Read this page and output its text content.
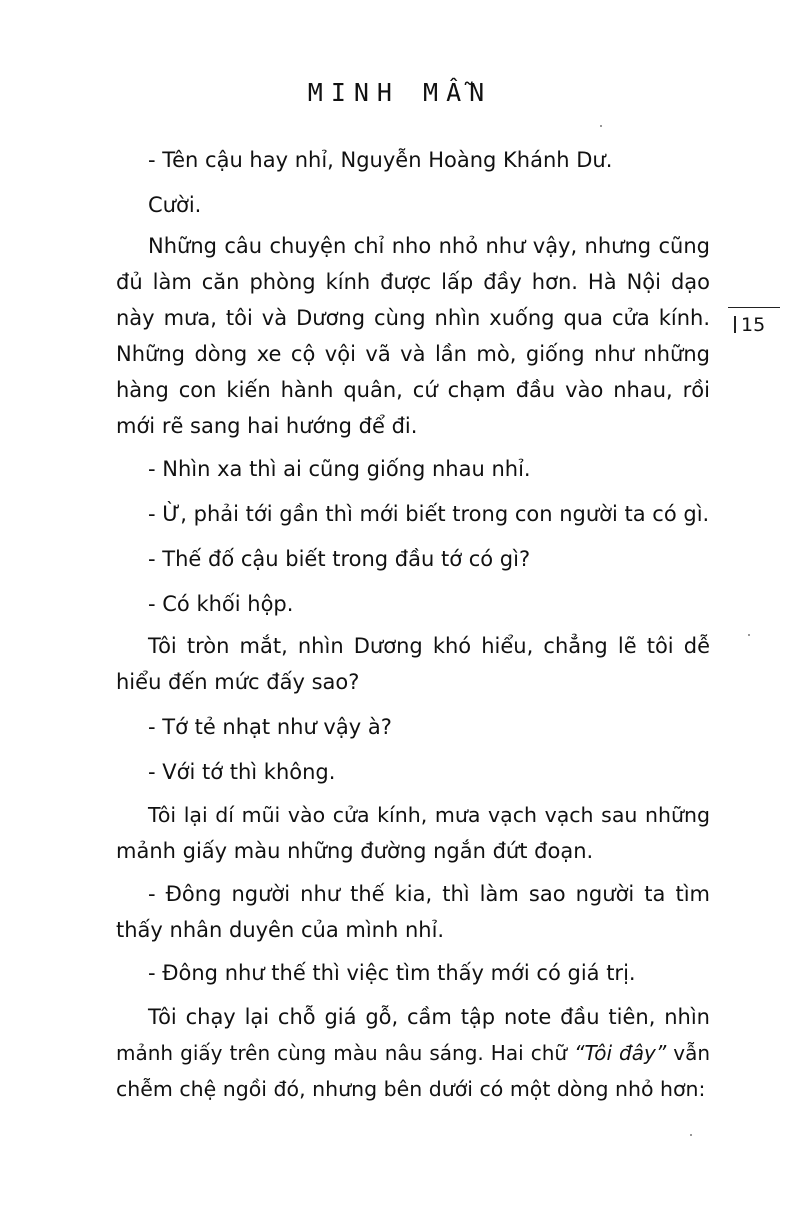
MINH MẪN
15
- Tên cậu hay nhỉ, Nguyễn Hoàng Khánh Dư.
Cười.
Những câu chuyện chỉ nho nhỏ như vậy, nhưng cũng
đủ làm căn phòng kính được lấp đầy hơn. Hà Nội dạo
này mưa, tôi và Dương cùng nhìn xuống qua cửa kính.
Những dòng xe cộ vội vã và lần mò, giống như những
hàng con kiến hành quân, cứ chạm đầu vào nhau, rồi
mới rẽ sang hai hướng để đi.
- Nhìn xa thì ai cũng giống nhau nhỉ.
- Ừ, phải tới gần thì mới biết trong con người ta có gì.
- Thế đố cậu biết trong đầu tớ có gì?
- Có khối hộp.
Tôi tròn mắt, nhìn Dương khó hiểu, chẳng lẽ tôi dễ
hiểu đến mức đấy sao?
- Tớ tẻ nhạt như vậy à?
- Với tớ thì không.
Tôi lại dí mũi vào cửa kính, mưa vạch vạch sau những
mảnh giấy màu những đường ngắn đứt đoạn.
- Đông người như thế kia, thì làm sao người ta tìm
thấy nhân duyên của mình nhỉ.
- Đông như thế thì việc tìm thấy mới có giá trị.
Tôi chạy lại chỗ giá gỗ, cầm tập note đầu tiên, nhìn
mảnh giấy trên cùng màu nâu sáng. Hai chữ “Tôi đây” vẫn
chễm chệ ngồi đó, nhưng bên dưới có một dòng nhỏ hơn:
